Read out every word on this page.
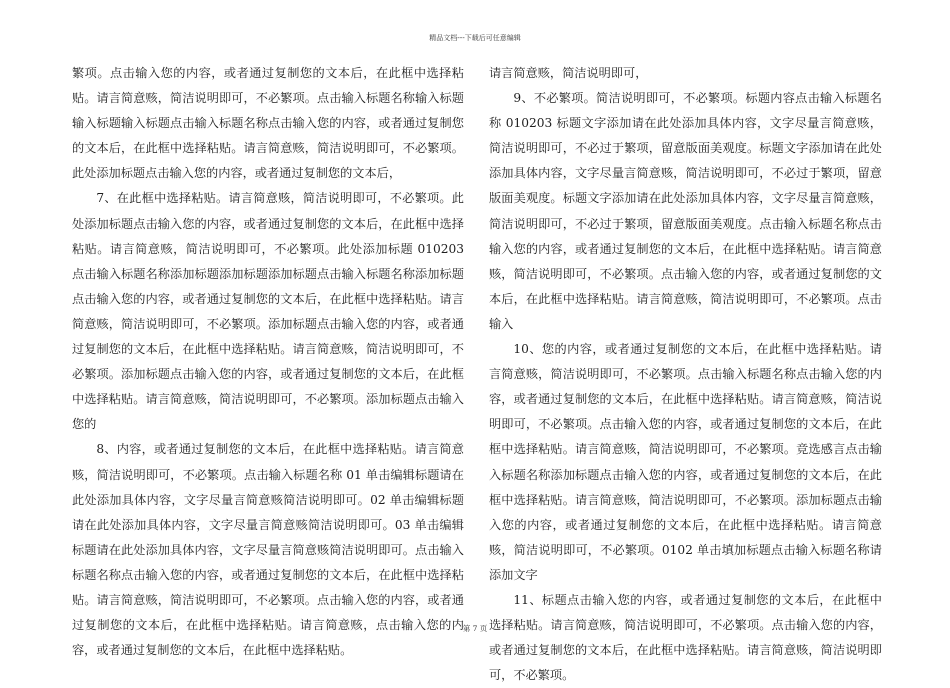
精品文档---下载后可任意编辑

繁项。点击输入您的内容，或者通过复制您的文本后，在此框中选择粘贴。请言简意赅，简洁说明即可，不必繁项。点击输入标题名称输入标题输入标题输入标题点击输入标题名称点击输入您的内容，或者通过复制您的文本后，在此框中选择粘贴。请言简意赅，简洁说明即可，不必繁项。此处添加标题点击输入您的内容，或者通过复制您的文本后，

7、在此框中选择粘贴。请言简意赅，简洁说明即可，不必繁项。此处添加标题点击输入您的内容，或者通过复制您的文本后，在此框中选择粘贴。请言简意赅，简洁说明即可，不必繁项。此处添加标题 010203 点击输入标题名称添加标题添加标题添加标题点击输入标题名称添加标题点击输入您的内容，或者通过复制您的文本后，在此框中选择粘贴。请言简意赅，简洁说明即可，不必繁项。添加标题点击输入您的内容，或者通过复制您的文本后，在此框中选择粘贴。请言简意赅，简洁说明即可，不必繁项。添加标题点击输入您的内容，或者通过复制您的文本后，在此框中选择粘贴。请言简意赅，简洁说明即可，不必繁项。添加标题点击输入您的

8、内容，或者通过复制您的文本后，在此框中选择粘贴。请言简意赅，简洁说明即可，不必繁项。点击输入标题名称 01 单击编辑标题请在此处添加具体内容，文字尽量言简意赅简洁说明即可。02 单击编辑标题请在此处添加具体内容，文字尽量言简意赅简洁说明即可。03 单击编辑标题请在此处添加具体内容，文字尽量言简意赅简洁说明即可。点击输入标题名称点击输入您的内容，或者通过复制您的文本后，在此框中选择粘贴。请言简意赅，简洁说明即可，不必繁项。点击输入您的内容，或者通过复制您的文本后，在此框中选择粘贴。请言简意赅，点击输入您的内容，或者通过复制您的文本后，在此框中选择粘贴。

请言简意赅，简洁说明即可，

9、不必繁项。简洁说明即可，不必繁项。标题内容点击输入标题名称 010203 标题文字添加请在此处添加具体内容，文字尽量言简意赅，简洁说明即可，不必过于繁项，留意版面美观度。标题文字添加请在此处添加具体内容，文字尽量言简意赅，简洁说明即可，不必过于繁项，留意版面美观度。标题文字添加请在此处添加具体内容，文字尽量言简意赅，简洁说明即可，不必过于繁项，留意版面美观度。点击输入标题名称点击输入您的内容，或者通过复制您的文本后，在此框中选择粘贴。请言简意赅，简洁说明即可，不必繁项。点击输入您的内容，或者通过复制您的文本后，在此框中选择粘贴。请言简意赅，简洁说明即可，不必繁项。点击输入

10、您的内容，或者通过复制您的文本后，在此框中选择粘贴。请言简意赅，简洁说明即可，不必繁项。点击输入标题名称点击输入您的内容，或者通过复制您的文本后，在此框中选择粘贴。请言简意赅，简洁说明即可，不必繁项。点击输入您的内容，或者通过复制您的文本后，在此框中选择粘贴。请言简意赅，简洁说明即可，不必繁项。竞选感言点击输入标题名称添加标题点击输入您的内容，或者通过复制您的文本后，在此框中选择粘贴。请言简意赅，简洁说明即可，不必繁项。添加标题点击输入您的内容，或者通过复制您的文本后，在此框中选择粘贴。请言简意赅，简洁说明即可，不必繁项。0102 单击填加标题点击输入标题名称请添加文字

11、标题点击输入您的内容，或者通过复制您的文本后，在此框中选择粘贴。请言简意赅，简洁说明即可，不必繁项。点击输入您的内容，或者通过复制您的文本后，在此框中选择粘贴。请言简意赅，简洁说明即可，不必繁项。

第 7 页
